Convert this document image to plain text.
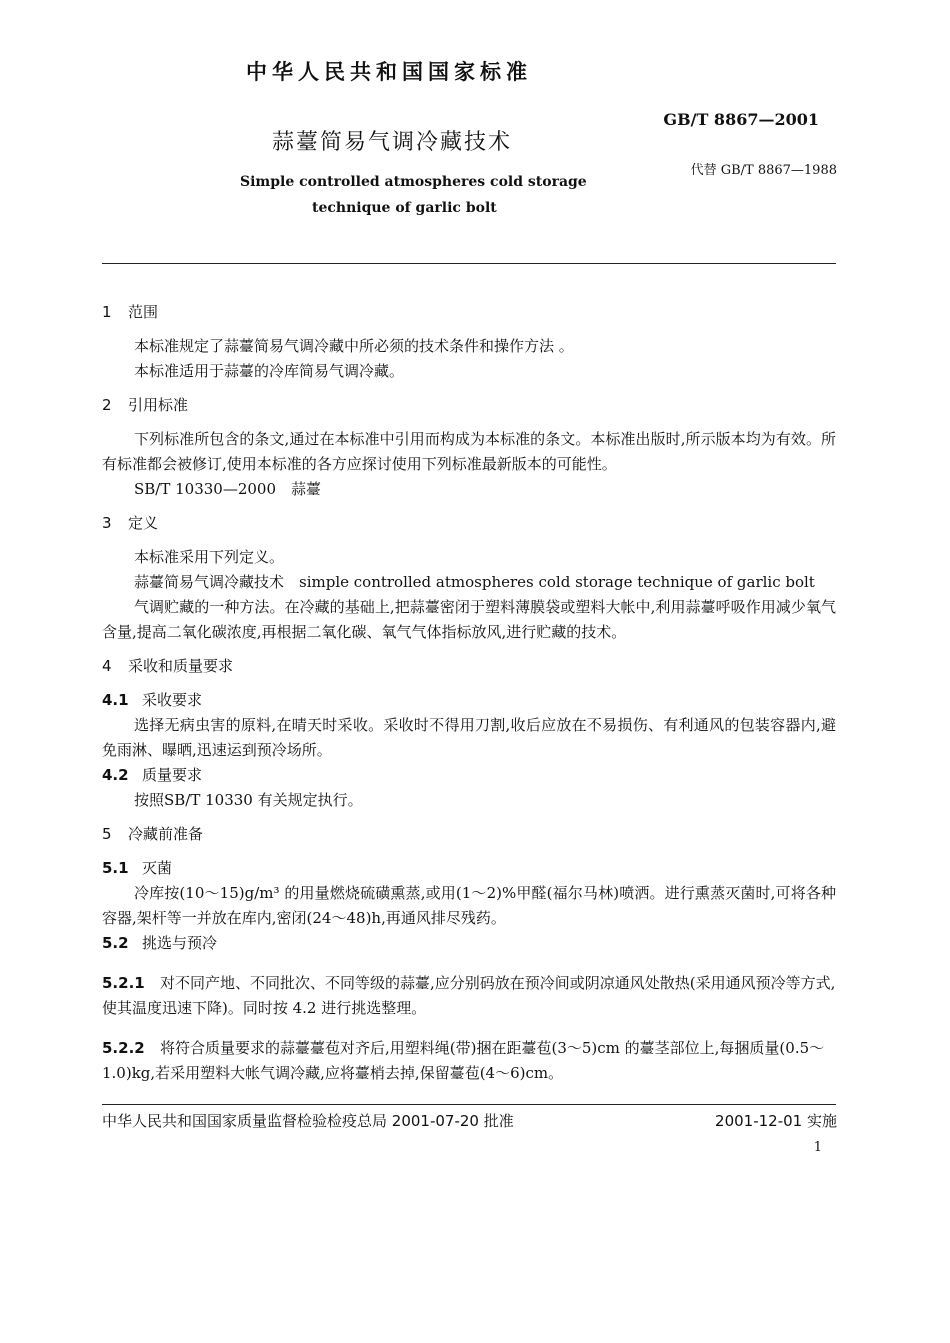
中华人民共和国国家标准
GB/T 8867—2001
蒜薹简易气调冷藏技术
代替 GB/T 8867—1988
Simple controlled atmospheres cold storage
technique of garlic bolt

1 范围

本标准规定了蒜薹简易气调冷藏中所必须的技术条件和操作方法 。

本标准适用于蒜薹的冷库简易气调冷藏。

2 引用标准

下列标准所包含的条文,通过在本标准中引用而构成为本标准的条文。本标准出版时,所示版本均为有效。所有标准都会被修订,使用本标准的各方应探讨使用下列标准最新版本的可能性。

SB/T 10330—2000　蒜薹

3 定义

本标准采用下列定义。

蒜薹简易气调冷藏技术　simple controlled atmospheres cold storage technique of garlic bolt

气调贮藏的一种方法。在冷藏的基础上,把蒜薹密闭于塑料薄膜袋或塑料大帐中,利用蒜薹呼吸作用减少氧气含量,提高二氧化碳浓度,再根据二氧化碳、氧气气体指标放风,进行贮藏的技术。

4 采收和质量要求

4.1 采收要求

选择无病虫害的原料,在晴天时采收。采收时不得用刀割,收后应放在不易损伤、有利通风的包装容器内,避免雨淋、曝晒,迅速运到预冷场所。

4.2 质量要求

按照SB/T 10330 有关规定执行。

5 冷藏前准备

5.1 灭菌

冷库按(10～15)g/m³ 的用量燃烧硫磺熏蒸,或用(1～2)%甲醛(福尔马林)喷洒。进行熏蒸灭菌时,可将各种容器,架杆等一并放在库内,密闭(24～48)h,再通风排尽残药。

5.2 挑选与预冷

5.2.1 对不同产地、不同批次、不同等级的蒜薹,应分别码放在预冷间或阴凉通风处散热(采用通风预冷等方式,使其温度迅速下降)。同时按 4.2 进行挑选整理。

5.2.2 将符合质量要求的蒜薹薹苞对齐后,用塑料绳(带)捆在距薹苞(3～5)cm 的薹茎部位上,每捆质量(0.5～1.0)kg,若采用塑料大帐气调冷藏,应将薹梢去掉,保留薹苞(4～6)cm。

中华人民共和国国家质量监督检验检疫总局 2001-07-20 批准	2001-12-01 实施
1
